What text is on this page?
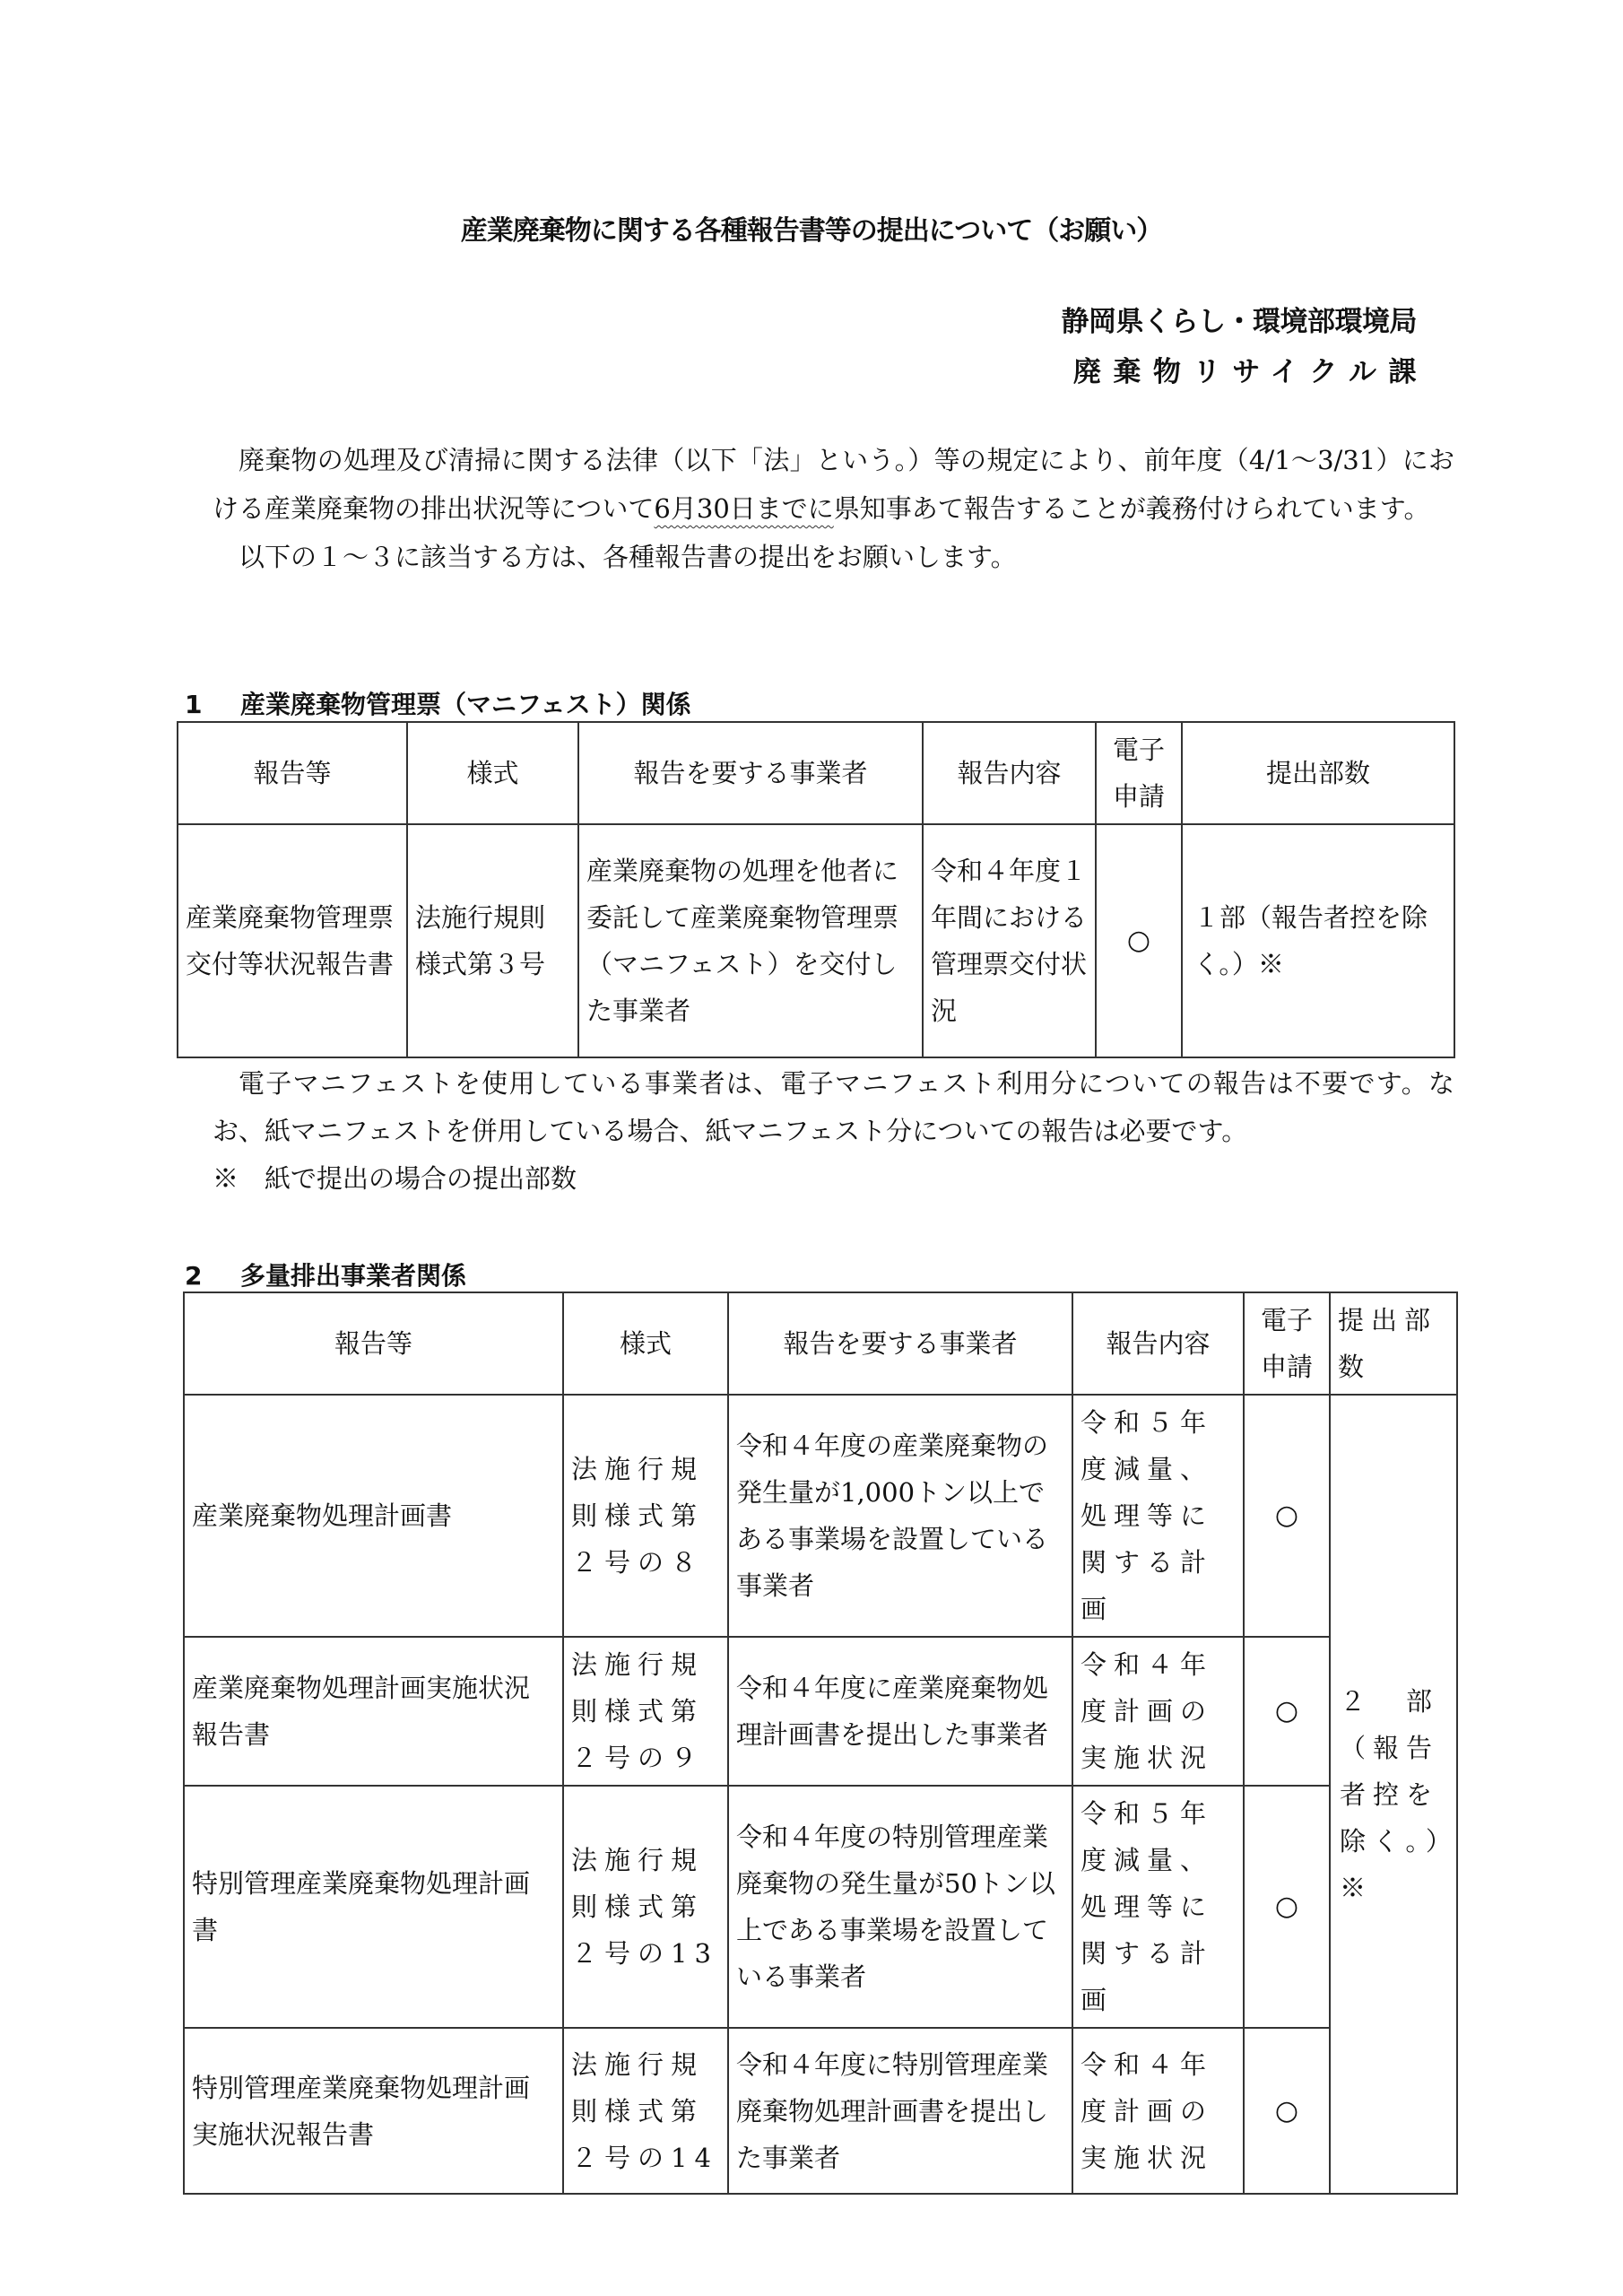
産業廃棄物に関する各種報告書等の提出について（お願い）
静岡県くらし・環境部環境局
廃棄物リサイクル課

廃棄物の処理及び清掃に関する法律（以下「法」という。）等の規定により、前年度（4/1～3/31）における産業廃棄物の排出状況等について6月30日までに県知事あて報告することが義務付けられています。

以下の１～３に該当する方は、各種報告書の提出をお願いします。

1 産業廃棄物管理票（マニフェスト）関係
報告等	様式	報告を要する事業者	報告内容	電子申請	提出部数
産業廃棄物管理票交付等状況報告書	法施行規則様式第３号	産業廃棄物の処理を他者に委託して産業廃棄物管理票（マニフェスト）を交付した事業者	令和４年度１年間における管理票交付状況	○	１部（報告者控を除く。）※

電子マニフェストを使用している事業者は、電子マニフェスト利用分についての報告は不要です。なお、紙マニフェストを併用している場合、紙マニフェスト分についての報告は必要です。

※　紙で提出の場合の提出部数

2 多量排出事業者関係
報告等	様式	報告を要する事業者	報告内容	電子申請	提出部数
産業廃棄物処理計画書	法施行規則様式第２号の８	令和４年度の産業廃棄物の発生量が1,000トン以上である事業場を設置している事業者	令和５年度減量、処理等に関する計画	○	２　部（報告者控を除く。）※
産業廃棄物処理計画実施状況報告書	法施行規則様式第２号の９	令和４年度に産業廃棄物処理計画書を提出した事業者	令和４年度計画の実施状況	○	
特別管理産業廃棄物処理計画書	法施行規則様式第２号の13	令和４年度の特別管理産業廃棄物の発生量が50トン以上である事業場を設置している事業者	令和５年度減量、処理等に関する計画	○	
特別管理産業廃棄物処理計画実施状況報告書	法施行規則様式第２号の14	令和４年度に特別管理産業廃棄物処理計画書を提出した事業者	令和４年度計画の実施状況	○	
